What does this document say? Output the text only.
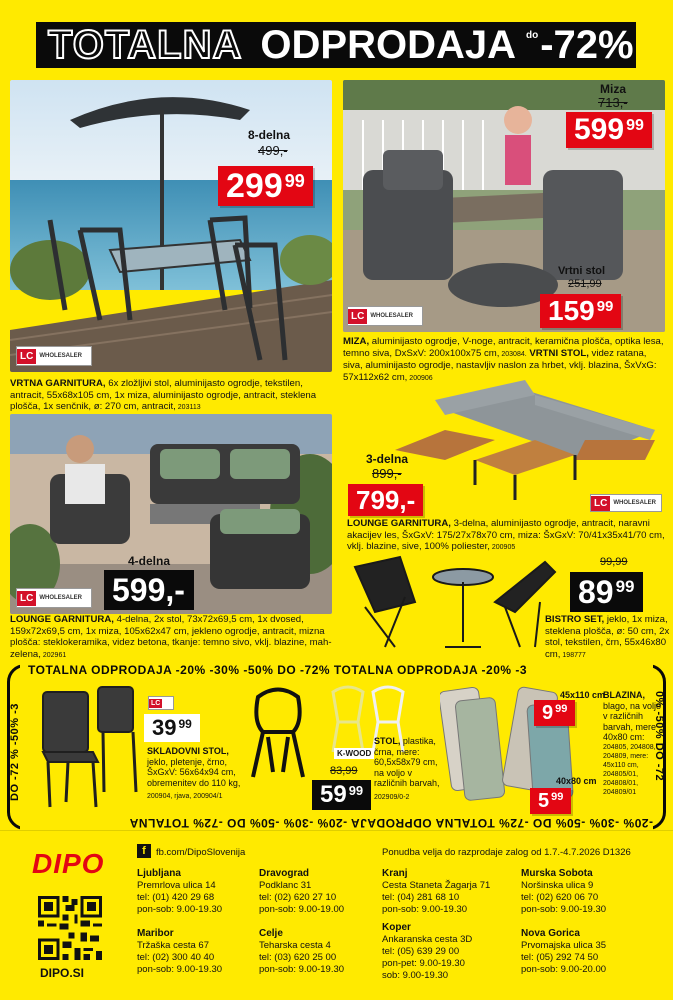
TOTALNA ODPRODAJA do -72%
LC	WHOLESALER
8-delna
499,-
299 99
VRTNA GARNITURA, 6x zložljivi stol, aluminijasto ogrodje, tekstilen, antracit, 55x68x105 cm, 1x miza, aluminijasto ogrodje, antracit, steklena plošča, 1x senčnik, ø: 270 cm, antracit, 203113
LC	WHOLESALER
Miza
713,-
599 99
Vrtni stol
251,99
159 99
MIZA, aluminijasto ogrodje, V-noge, antracit, keramična plošča, optika lesa, temno siva, DxSxV: 200x100x75 cm, 203084. VRTNI STOL, videz ratana, siva, aluminijasto ogrodje, nastavljiv naslon za hrbet, vklj. blazina, ŠxVxG: 57x112x62 cm, 200906
LC	WHOLESALER
4-delna
599,-
LOUNGE GARNITURA, 4-delna, 2x stol, 73x72x69,5 cm, 1x dvosed, 159x72x69,5 cm, 1x miza, 105x62x47 cm, jekleno ogrodje, antracit, mizna plošča: steklokeramika, videz betona, tkanje: temno sivo, vklj. blazine, mah-zelena, 202961
3-delna
899,-
799,-	LC	WHOLESALER
LOUNGE GARNITURA, 3-delna, aluminijasto ogrodje, antracit, naravni akacijev les, ŠxGxV: 175/27x78x70 cm, miza: ŠxGxV: 70/41x35x41/70 cm, vklj. blazine, sive, 100% poliester, 200905
99,99
89 99
BISTRO SET, jeklo, 1x miza, steklena plošča, ø: 50 cm, 2x stol, tekstilen, črn, 55x46x80 cm, 198777
TOTALNA ODPRODAJA -20% -30% -50% DO -72% TOTALNA ODPRODAJA -20% -3
-20% -30% -50% DO -72% TOTALNA ODPRODAJA -20% -30% -50% DO -72% TOTALNA
DO -72 % -50% -3	0% -50% DO -72
LC
39 99
SKLADOVNI STOL, jeklo, pletenje, črno, ŠxGxV: 56x64x94 cm, obremenitev do 110 kg, 200904, rjava, 200904/1
K-WOOD
83,99
59 99
STOL, plastika, črna, mere: 60,5x58x79 cm, na voljo v različnih barvah, 202909/0-2
45x110 cm
9 99
40x80 cm
5 99
BLAZINA, blago, na voljo v različnih barvah, mere 40x80 cm:
204805, 204808, 204809, mere: 45x110 cm,
204805/01, 204808/01, 204809/01
DIPO
DIPO.SI
f	fb.com/DipoSlovenija	Ponudba velja do razprodaje zalog od 1.7.-4.7.2026 D1326
Ljubljana
Premrlova ulica 14
tel: (01) 420 29 68
pon-sob: 9.00-19.30
Maribor
Tržaška cesta 67
tel: (02) 300 40 40
pon-sob: 9.00-19.30
Dravograd
Podklanc 31
tel: (02) 620 27 10
pon-sob: 9.00-19.00
Celje
Teharska cesta 4
tel: (03) 620 25 00
pon-sob: 9.00-19.30
Kranj
Cesta Staneta Žagarja 71
tel: (04) 281 68 10
pon-sob: 9.00-19.30
Koper
Ankaranska cesta 3D
tel: (05) 639 29 00
pon-pet: 9.00-19.30
sob: 9.00-19.30
Murska Sobota
Noršinska ulica 9
tel: (02) 620 06 70
pon-sob: 9.00-19.30
Nova Gorica
Prvomajska ulica 35
tel: (05) 292 74 50
pon-sob: 9.00-20.00
